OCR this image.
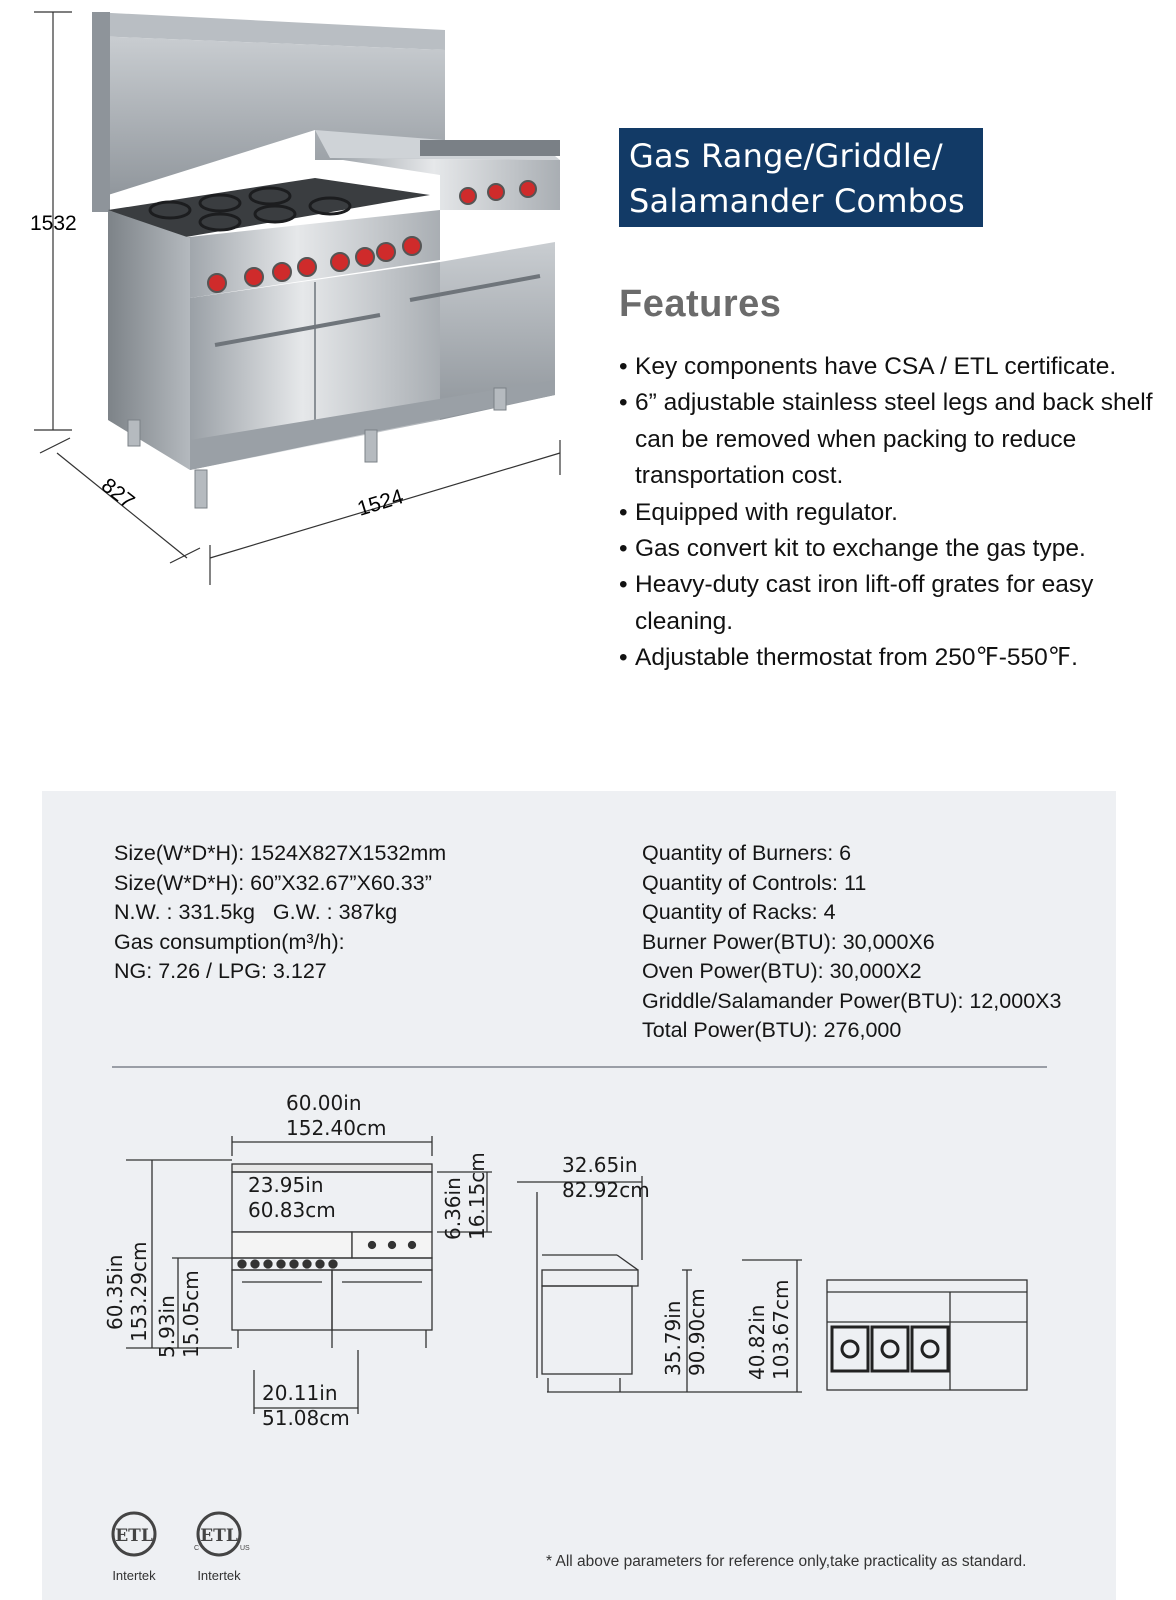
1532
827	1524
Gas Range/Griddle/
Salamander Combos
Features
• Key components have CSA / ETL certificate.
• 6” adjustable stainless steel legs and back shelf can be removed when packing to reduce transportation cost.
• Equipped with regulator.
• Gas convert kit to exchange the gas type.
• Heavy-duty cast iron lift-off grates for easy cleaning.
• Adjustable thermostat from 250℉-550℉.
Size(W*D*H): 1524X827X1532mm
Size(W*D*H): 60”X32.67”X60.33”
N.W. : 331.5kg   G.W. : 387kg
Gas consumption(m³/h):
NG: 7.26 / LPG: 3.127
Quantity of Burners: 6
Quantity of Controls: 11
Quantity of Racks: 4
Burner Power(BTU): 30,000X6
Oven Power(BTU): 30,000X2
Griddle/Salamander Power(BTU): 12,000X3
Total Power(BTU): 276,000
60.00in
152.40cm
23.95in
60.83cm	6.36in 16.15cm
60.35in 153.29cm 5.93in 15.05cm
20.11in
51.08cm
32.65in
82.92cm
35.79in 90.90cm 40.82in 103.67cm
ETL
Intertek
ETL
C	US
Intertek
* All above parameters for reference only,take practicality as standard.
